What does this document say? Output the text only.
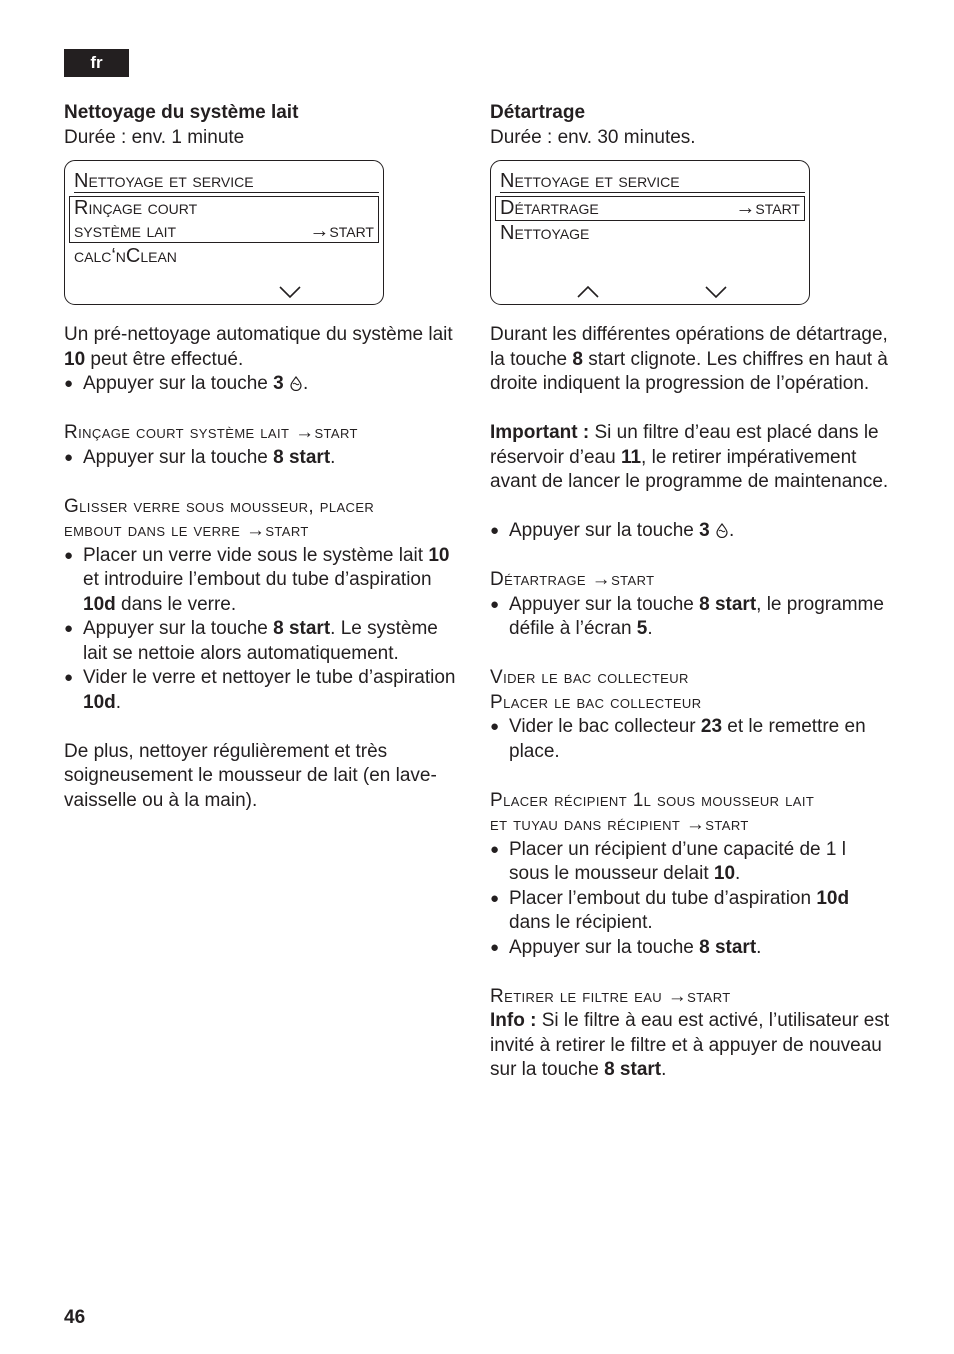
fr

Nettoyage du système lait

Durée : env. 1 minute

Nettoyage et service
Rinçage court
système lait	→start
calc‘nClean

Un pré-nettoyage automatique du système lait 10 peut être effectué.

● Appuyer sur la touche 3 .

Rinçage court système lait →start

● Appuyer sur la touche 8 start.

Glisser verre sous mousseur, placer

embout dans le verre →start

● Placer un verre vide sous le système lait 10 et introduire l’embout du tube d’aspiration 10d dans le verre.

● Appuyer sur la touche 8 start. Le système lait se nettoie alors automatiquement.

● Vider le verre et nettoyer le tube d’aspiration 10d.

De plus, nettoyer régulièrement et très soigneusement le mousseur de lait (en lave-vaisselle ou à la main).

Détartrage

Durée : env. 30 minutes.

Nettoyage et service
Détartrage	→start
Nettoyage

Durant les différentes opérations de détartrage, la touche 8 start clignote. Les chiffres en haut à droite indiquent la progression de l’opération.

Important : Si un filtre d’eau est placé dans le réservoir d’eau 11, le retirer impérativement avant de lancer le programme de maintenance.

● Appuyer sur la touche 3 .

Détartrage →start

● Appuyer sur la touche 8 start, le programme défile à l’écran 5.

Vider le bac collecteur

Placer le bac collecteur

● Vider le bac collecteur 23 et le remettre en place.

Placer récipient 1l sous mousseur lait

et tuyau dans récipient →start

● Placer un récipient d’une capacité de 1 l sous le mousseur delait 10.

● Placer l’embout du tube d’aspiration 10d dans le récipient.

● Appuyer sur la touche 8 start.

Retirer le filtre eau →start

Info : Si le filtre à eau est activé, l’utilisateur est invité à retirer le filtre et à appuyer de nouveau sur la touche 8 start.

46
